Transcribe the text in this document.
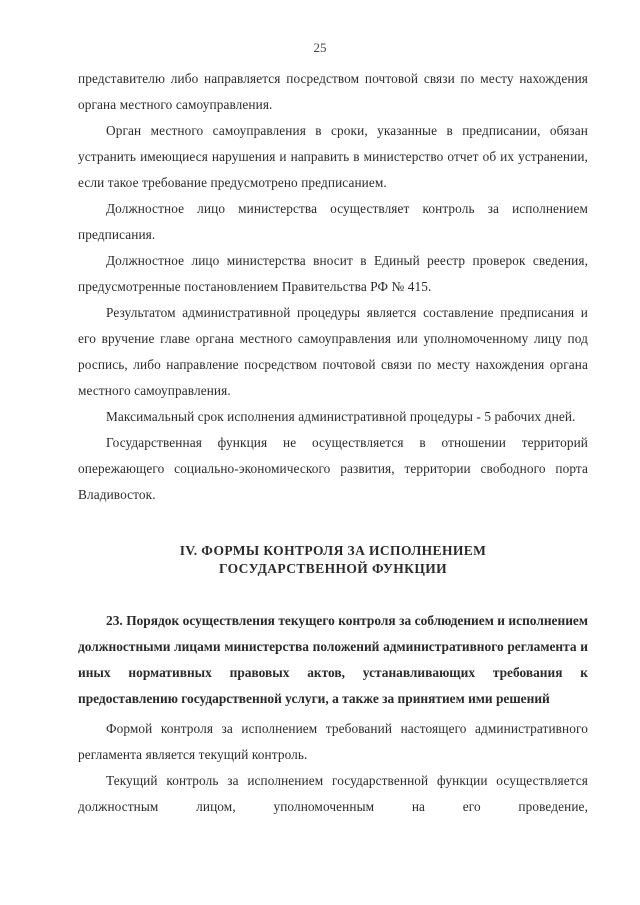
25

представителю либо направляется посредством почтовой связи по месту нахождения органа местного самоуправления.

Орган местного самоуправления в сроки, указанные в предписании, обязан устранить имеющиеся нарушения и направить в министерство отчет об их устранении, если такое требование предусмотрено предписанием.

Должностное лицо министерства осуществляет контроль за исполнением предписания.

Должностное лицо министерства вносит в Единый реестр проверок сведения, предусмотренные постановлением Правительства РФ № 415.

Результатом административной процедуры является составление предписания и его вручение главе органа местного самоуправления или уполномоченному лицу под роспись, либо направление посредством почтовой связи по месту нахождения органа местного самоуправления.

Максимальный срок исполнения административной процедуры - 5 рабочих дней.

Государственная функция не осуществляется в отношении территорий опережающего социально-экономического развития, территории свободного порта Владивосток.

IV. ФОРМЫ КОНТРОЛЯ ЗА ИСПОЛНЕНИЕМ
ГОСУДАРСТВЕННОЙ ФУНКЦИИ

23. Порядок осуществления текущего контроля за соблюдением и исполнением должностными лицами министерства положений административного регламента и иных нормативных правовых актов, устанавливающих требования к предоставлению государственной услуги, а также за принятием ими решений

Формой контроля за исполнением требований настоящего административного регламента является текущий контроль.

Текущий контроль за исполнением государственной функции осуществляется должностным лицом, уполномоченным на его проведение,
